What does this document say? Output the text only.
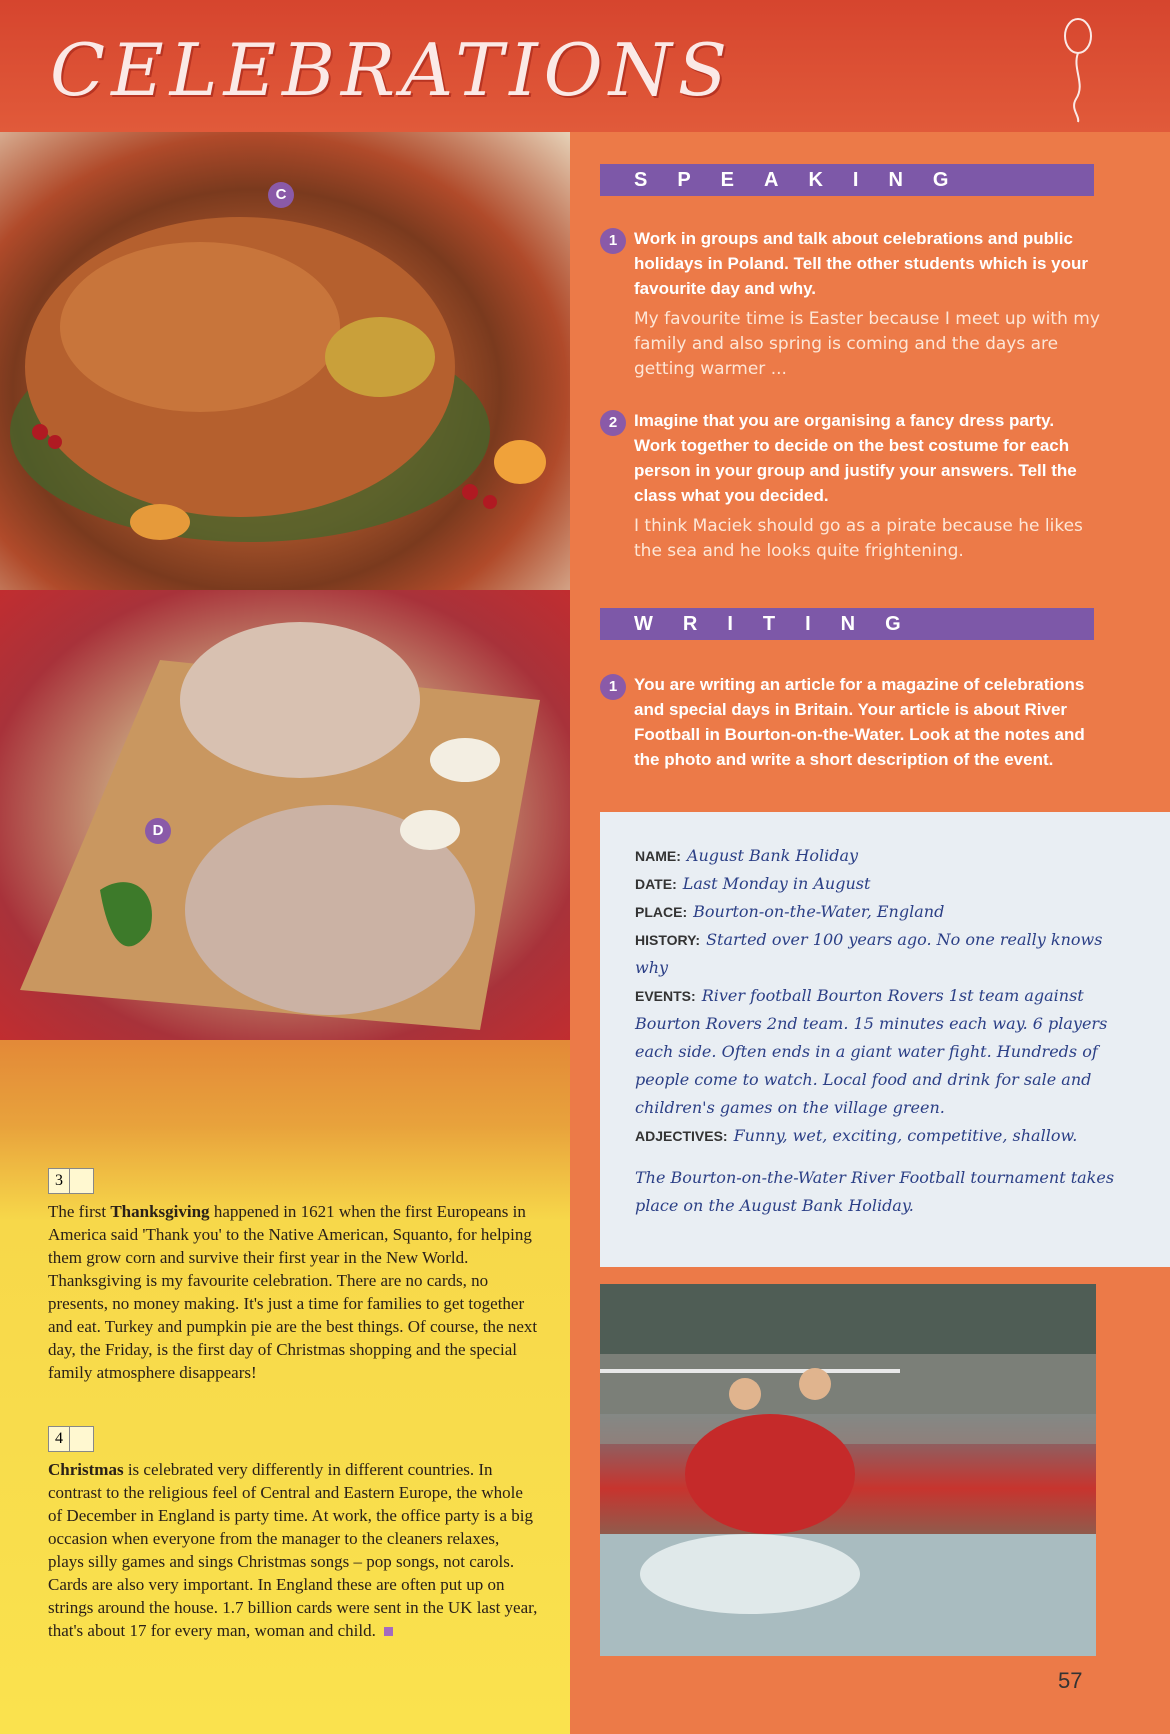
CELEBRATIONS
C
D
3
The first Thanksgiving happened in 1621 when the first Europeans in America said 'Thank you' to the Native American, Squanto, for helping them grow corn and survive their first year in the New World. Thanksgiving is my favourite celebration. There are no cards, no presents, no money making. It's just a time for families to get together and eat. Turkey and pumpkin pie are the best things. Of course, the next day, the Friday, is the first day of Christmas shopping and the special family atmosphere disappears!
4
Christmas is celebrated very differently in different countries. In contrast to the religious feel of Central and Eastern Europe, the whole of December in England is party time. At work, the office party is a big occasion when everyone from the manager to the cleaners relaxes, plays silly games and sings Christmas songs – pop songs, not carols. Cards are also very important. In England these are often put up on strings around the house. 1.7 billion cards were sent in the UK last year, that's about 17 for every man, woman and child.
SPEAKING
1 Work in groups and talk about celebrations and public holidays in Poland. Tell the other students which is your favourite day and why.
My favourite time is Easter because I meet up with my family and also spring is coming and the days are getting warmer ...
2 Imagine that you are organising a fancy dress party. Work together to decide on the best costume for each person in your group and justify your answers. Tell the class what you decided.
I think Maciek should go as a pirate because he likes the sea and he looks quite frightening.
WRITING
1 You are writing an article for a magazine of celebrations and special days in Britain. Your article is about River Football in Bourton-on-the-Water. Look at the notes and the photo and write a short description of the event.
NAME: August Bank Holiday
DATE: Last Monday in August
PLACE: Bourton-on-the-Water, England
HISTORY: Started over 100 years ago. No one really knows why
EVENTS: River football Bourton Rovers 1st team against Bourton Rovers 2nd team. 15 minutes each way. 6 players each side. Often ends in a giant water fight. Hundreds of people come to watch. Local food and drink for sale and children's games on the village green.
ADJECTIVES: Funny, wet, exciting, competitive, shallow.
The Bourton-on-the-Water River Football tournament takes place on the August Bank Holiday.
57
